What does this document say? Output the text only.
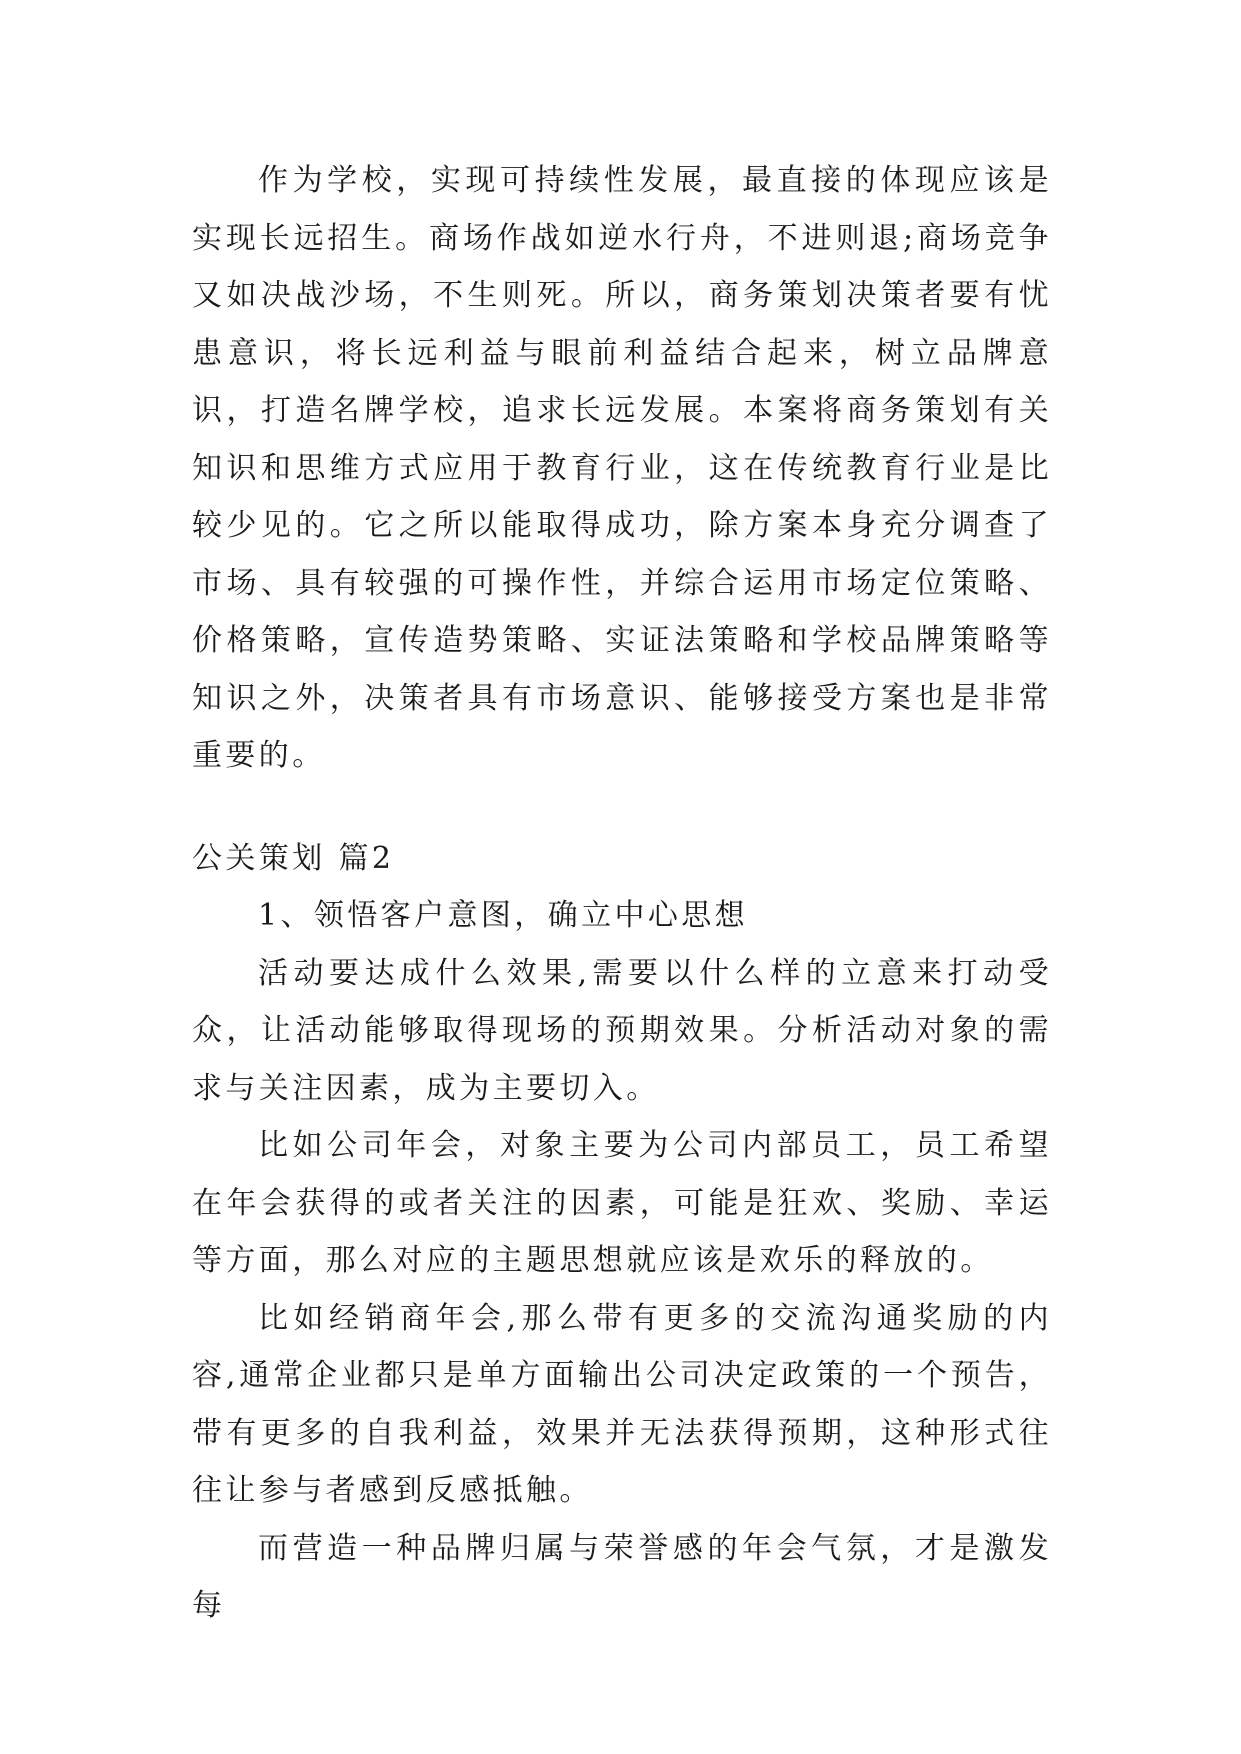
作为学校，实现可持续性发展，最直接的体现应该是实现长远招生。商场作战如逆水行舟，不进则退;商场竞争又如决战沙场，不生则死。所以，商务策划决策者要有忧患意识，将长远利益与眼前利益结合起来，树立品牌意识，打造名牌学校，追求长远发展。本案将商务策划有关知识和思维方式应用于教育行业，这在传统教育行业是比较少见的。它之所以能取得成功，除方案本身充分调查了市场、具有较强的可操作性，并综合运用市场定位策略、价格策略，宣传造势策略、实证法策略和学校品牌策略等知识之外，决策者具有市场意识、能够接受方案也是非常重要的。

公关策划 篇2

1、领悟客户意图，确立中心思想

活动要达成什么效果,需要以什么样的立意来打动受众，让活动能够取得现场的预期效果。分析活动对象的需求与关注因素，成为主要切入。

比如公司年会，对象主要为公司内部员工，员工希望在年会获得的或者关注的因素，可能是狂欢、奖励、幸运等方面，那么对应的主题思想就应该是欢乐的释放的。

比如经销商年会,那么带有更多的交流沟通奖励的内容,通常企业都只是单方面输出公司决定政策的一个预告，带有更多的自我利益，效果并无法获得预期，这种形式往往让参与者感到反感抵触。

而营造一种品牌归属与荣誉感的年会气氛，才是激发每
